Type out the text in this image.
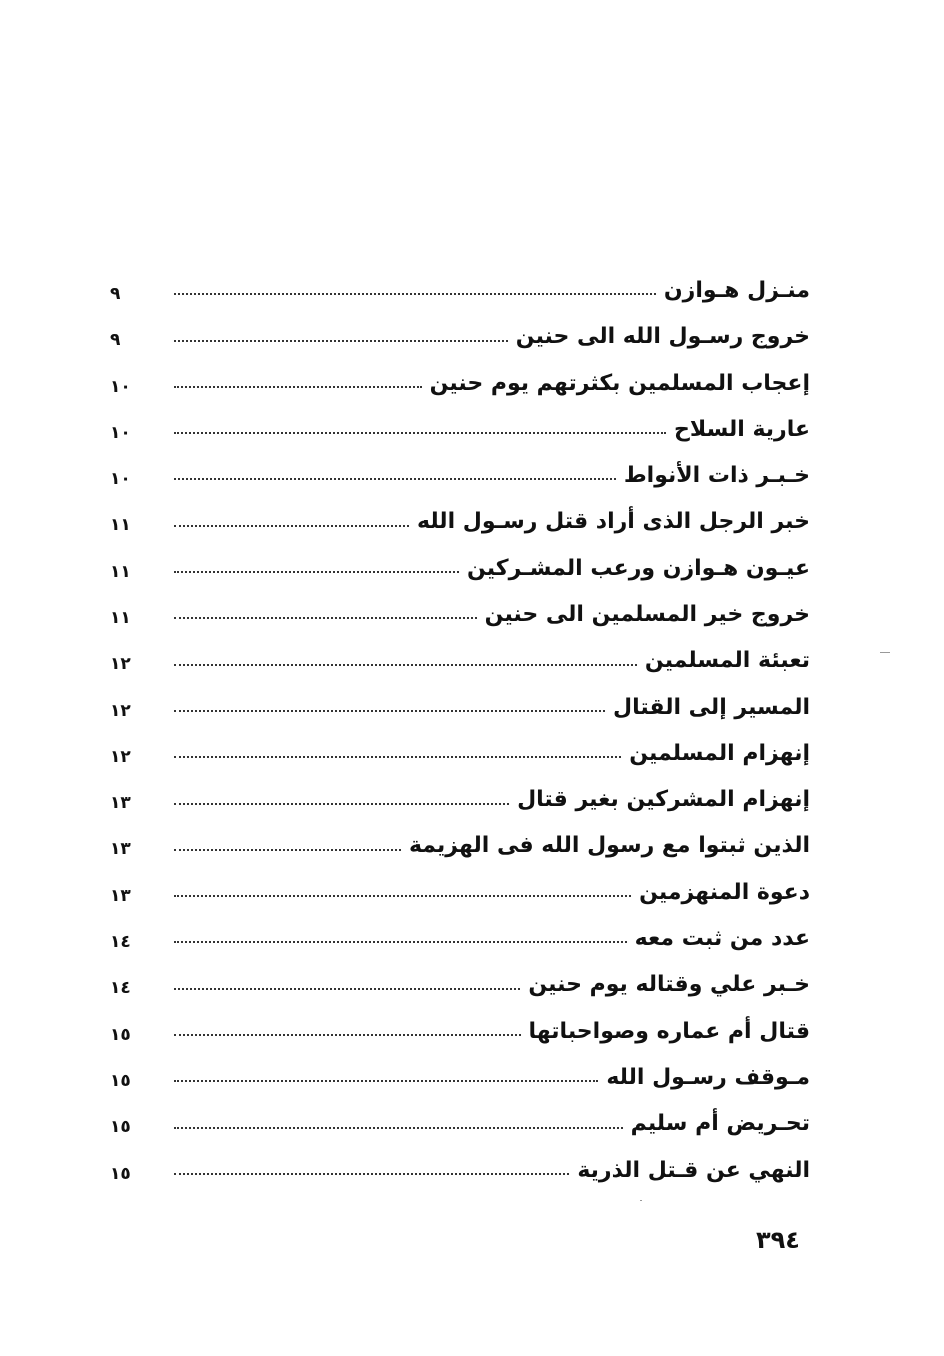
منـزل هـوازن
٩
خروج رسـول الله الى حنين
٩
إعجاب المسلمين بكثرتهم يوم حنين
١٠
عارية السلاح
١٠
خـبـر ذات الأنواط
١٠
خبر الرجل الذى أراد قتل رسـول الله
١١
عيـون هـوازن ورعب المشـركين
١١
خروج خير المسلمين الى حنين
١١
تعبئة المسلمين
١٢
المسير إلى القتال
١٢
إنهزام المسلمين
١٢
إنهزام المشركين بغير قتال
١٣
الذين ثبتوا مع رسول الله فى الهزيمة
١٣
دعوة المنهزمين
١٣
عدد من ثبت معه
١٤
خـبر علي وقتاله يوم حنين
١٤
قتال أم عماره وصواحباتها
١٥
مـوقف رسـول الله
١٥
تحـريض أم سليم
١٥
النهي عن قـتل الذرية
١٥
٣٩٤
